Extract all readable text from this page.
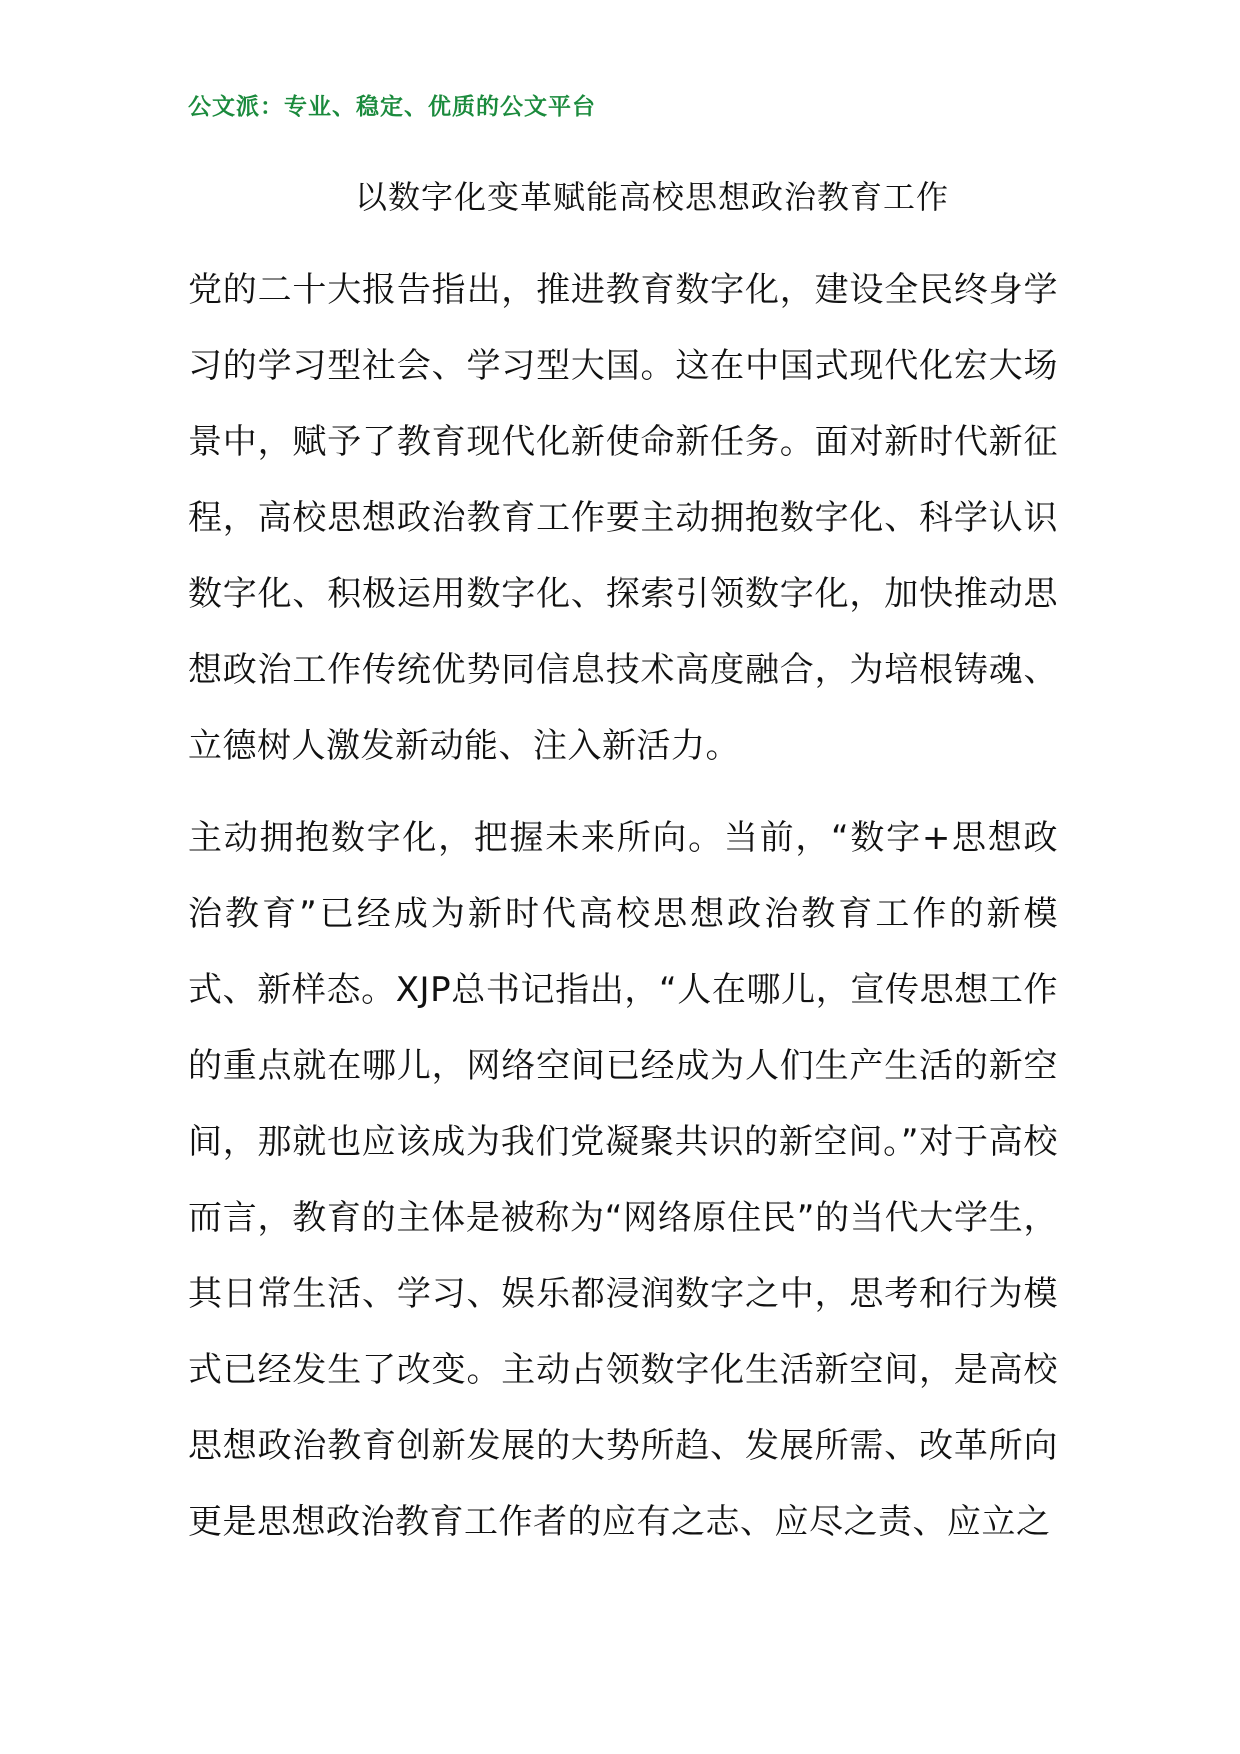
公文派：专业、稳定、优质的公文平台
以数字化变革赋能高校思想政治教育工作

党的二十大报告指出，推进教育数字化，建设全民终身学习的学习型社会、学习型大国。这在中国式现代化宏大场景中，赋予了教育现代化新使命新任务。面对新时代新征程，高校思想政治教育工作要主动拥抱数字化、科学认识数字化、积极运用数字化、探索引领数字化，加快推动思想政治工作传统优势同信息技术高度融合，为培根铸魂、立德树人激发新动能、注入新活力。

主动拥抱数字化，把握未来所向。当前，“数字+思想政治教育”已经成为新时代高校思想政治教育工作的新模式、新样态。XJP总书记指出，“人在哪儿，宣传思想工作的重点就在哪儿，网络空间已经成为人们生产生活的新空间，那就也应该成为我们党凝聚共识的新空间。”对于高校而言，教育的主体是被称为“网络原住民”的当代大学生，其日常生活、学习、娱乐都浸润数字之中，思考和行为模式已经发生了改变。主动占领数字化生活新空间，是高校思想政治教育创新发展的大势所趋、发展所需、改革所向更是思想政治教育工作者的应有之志、应尽之责、应立之
